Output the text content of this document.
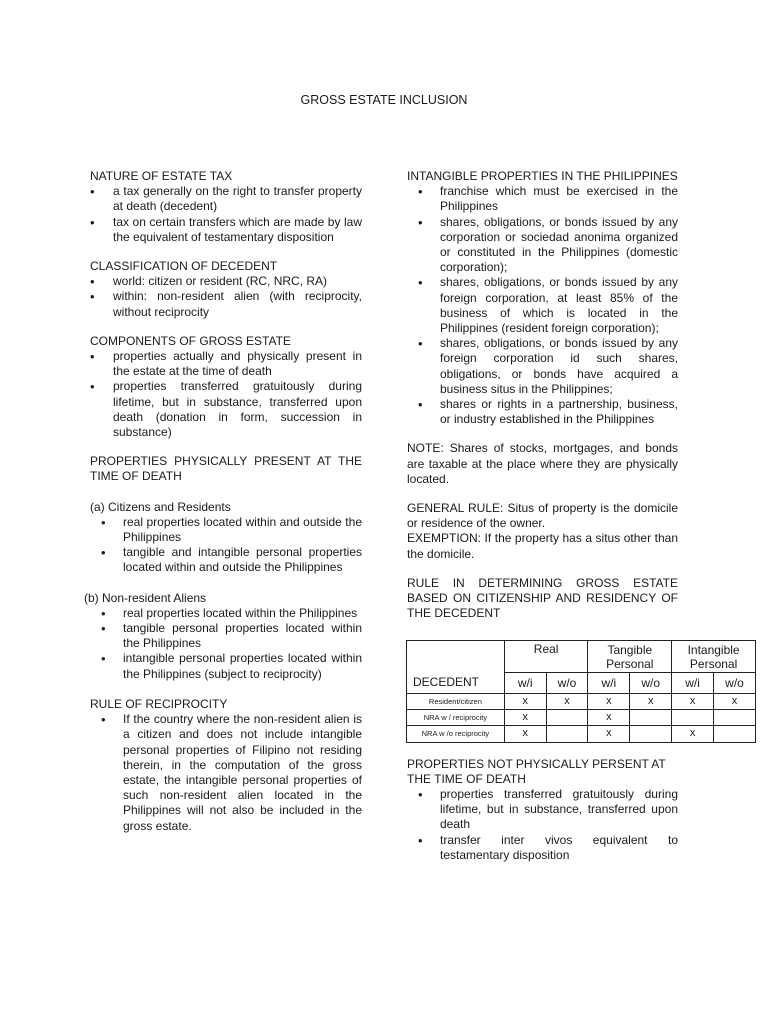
GROSS ESTATE INCLUSION

NATURE OF ESTATE TAX

• a tax generally on the right to transfer property at death (decedent)
• tax on certain transfers which are made by law the equivalent of testamentary disposition

CLASSIFICATION OF DECEDENT

• world: citizen or resident (RC, NRC, RA)
• within: non-resident alien (with reciprocity, without reciprocity

COMPONENTS OF GROSS ESTATE

• properties actually and physically present in the estate at the time of death
• properties transferred gratuitously during lifetime, but in substance, transferred upon death (donation in form, succession in substance)

PROPERTIES PHYSICALLY PRESENT AT THE TIME OF DEATH

(a) Citizens and Residents

• real properties located within and outside the Philippines
• tangible and intangible personal properties located within and outside the Philippines

(b) Non-resident Aliens

• real properties located within the Philippines
• tangible personal properties located within the Philippines
• intangible personal properties located within the Philippines (subject to reciprocity)

RULE OF RECIPROCITY

• If the country where the non-resident alien is a citizen and does not include intangible personal properties of Filipino not residing therein, in the computation of the gross estate, the intangible personal properties of such non-resident alien located in the Philippines will not also be included in the gross estate.

INTANGIBLE PROPERTIES IN THE PHILIPPINES

• franchise which must be exercised in the Philippines
• shares, obligations, or bonds issued by any corporation or sociedad anonima organized or constituted in the Philippines (domestic corporation);
• shares, obligations, or bonds issued by any foreign corporation, at least 85% of the business of which is located in the Philippines (resident foreign corporation);
• shares, obligations, or bonds issued by any foreign corporation id such shares, obligations, or bonds have acquired a business situs in the Philippines;
• shares or rights in a partnership, business, or industry established in the Philippines

NOTE: Shares of stocks, mortgages, and bonds are taxable at the place where they are physically located.

GENERAL RULE: Situs of property is the domicile or residence of the owner.

EXEMPTION: If the property has a situs other than the domicile.

RULE IN DETERMINING GROSS ESTATE BASED ON CITIZENSHIP AND RESIDENCY OF THE DECEDENT

	Real		Tangible Personal		Intangible Personal	
DECEDENT	w/i	w/o	w/i	w/o	w/i	w/o
Resident/citizen	x	x	x	x	x	x
NRA w / reciprocity	x		x			
NRA w /o reciprocity	x		x		x	

PROPERTIES NOT PHYSICALLY PERSENT AT THE TIME OF DEATH

• properties transferred gratuitously during lifetime, but in substance, transferred upon death
• transfer inter vivos equivalent to testamentary disposition
